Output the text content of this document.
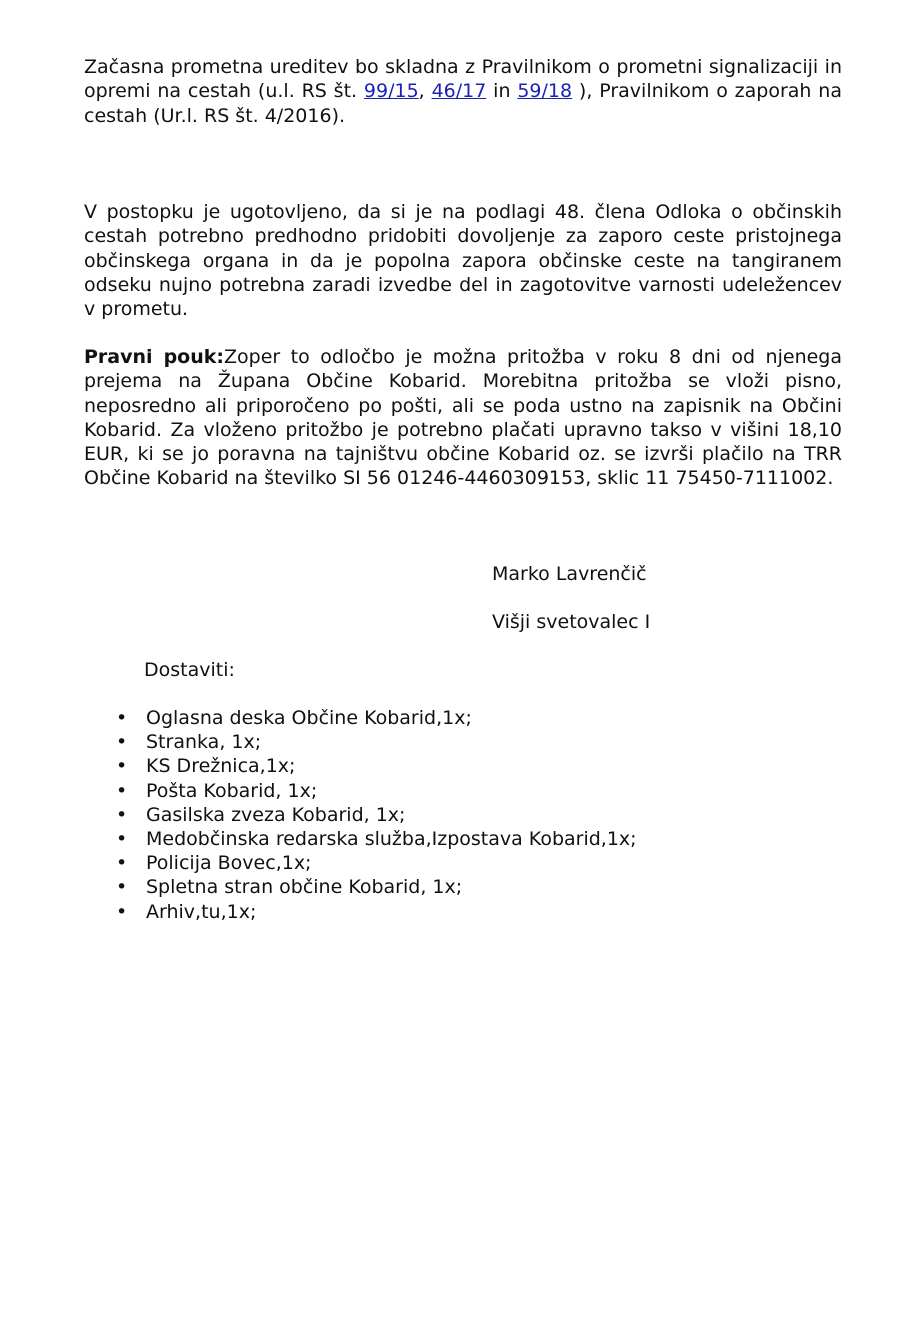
Začasna prometna ureditev bo skladna z Pravilnikom o prometni signalizaciji in opremi na cestah (u.l. RS št. 99/15, 46/17 in 59/18 ), Pravilnikom o zaporah na cestah (Ur.l. RS št. 4/2016).

V postopku je ugotovljeno, da si je na podlagi 48. člena Odloka o občinskih cestah potrebno predhodno pridobiti dovoljenje za zaporo ceste pristojnega občinskega organa in da je popolna zapora občinske ceste na tangiranem odseku nujno potrebna zaradi izvedbe del in zagotovitve varnosti udeležencev v prometu.

Pravni pouk:Zoper to odločbo je možna pritožba v roku 8 dni od njenega prejema na Župana Občine Kobarid. Morebitna pritožba se vloži pisno, neposredno ali priporočeno po pošti, ali se poda ustno na zapisnik na Občini Kobarid. Za vloženo pritožbo je potrebno plačati upravno takso v višini 18,10 EUR, ki se jo poravna na tajništvu občine Kobarid oz. se izvrši plačilo na TRR Občine Kobarid na številko SI 56 01246-4460309153, sklic 11 75450-7111002.

Marko Lavrenčič

Višji svetovalec I

Dostaviti:

• Oglasna deska Občine Kobarid,1x;
• Stranka, 1x;
• KS Drežnica,1x;
• Pošta Kobarid, 1x;
• Gasilska zveza Kobarid, 1x;
• Medobčinska redarska služba,Izpostava Kobarid,1x;
• Policija Bovec,1x;
• Spletna stran občine Kobarid, 1x;
• Arhiv,tu,1x;
